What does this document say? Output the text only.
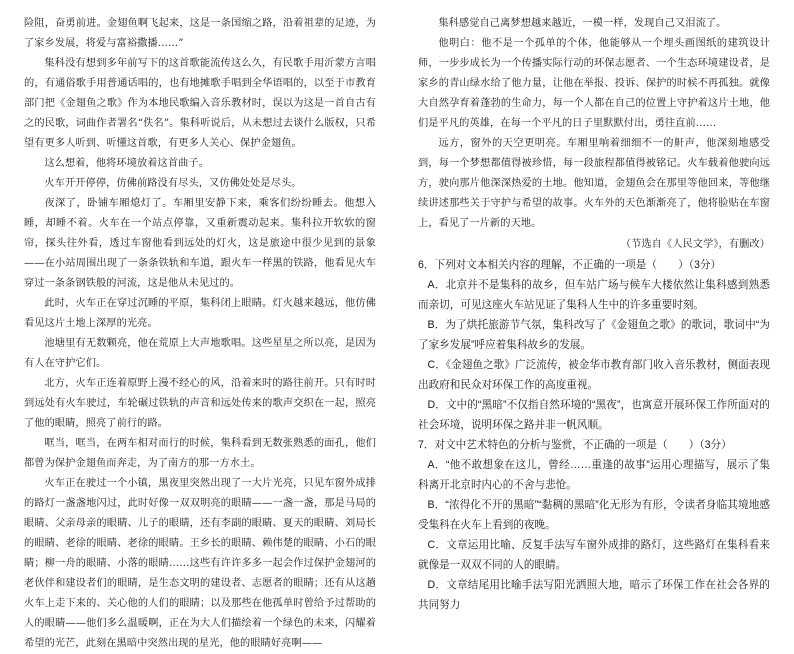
险阻，奋勇前进。金翅鱼啊飞起来，这是一条国缩之路，沿着祖辈的足迹，为了家乡发展，将爱与富裕撒播……”

集科没有想到多年前写下的这首歌能流传这么久，有民歌手用沂蒙方言唱的，有通俗歌手用普通话唱的，也有地摊歌手唱到全华语唱的，以至于市教育部门把《金翅鱼之歌》作为本地民歌编入音乐教材时，误以为这是一首自古有之的民歌，词曲作者署名“佚名”。集科听说后，从未想过去谈什么版权，只希望有更多人听到、听懂这首歌，有更多人关心、保护金翅鱼。

这么想着，他将环境放着这首曲子。

火车开开停停，仿佛前路没有尽头，又仿佛处处是尽头。

夜深了，卧铺车厢熄灯了。车厢里安静下来，乘客们纷纷睡去。他想入睡，却睡不着。火车在一个站点停靠，又重新震动起来。集科拉开软软的窗帘，探头往外看，透过车窗他看到远处的灯火，这是旅途中很少见到的景象——在小站周围出现了一条条铁轨和车道，跟火车一样黑的铁路，他看见火车穿过一条条钢铁般的河流，这是他从未见过的。

此时，火车正在穿过沉睡的平原，集科闭上眼睛。灯火越来越远，他仿佛看见这片土地上深厚的光亮。

池塘里有无数颗亮，他在荒原上大声地歌唱。这些星星之所以亮，是因为有人在守护它们。

北方，火车正连着原野上漫不经心的风，沿着来时的路往前开。只有时时到远处有火车驶过，车轮碾过铁轨的声音和远处传来的歌声交织在一起，照亮了他的眼睛，照亮了前行的路。

哐当，哐当，在两车相对而行的时候，集科看到无数张熟悉的面孔，他们都曾为保护金翅鱼而奔走，为了南方的那一方水土。

火车正在驶过一个小镇，黑夜里突然出现了一大片光亮，只见车窗外成排的路灯一盏盏地闪过，此时好像一双双明亮的眼睛——一盏一盏，那是马局的眼睛、父亲母亲的眼睛、儿子的眼睛，还有李副的眼睛、夏天的眼睛、刘局长的眼睛、老徐的眼睛、老徐的眼睛。王乡长的眼睛、赖伟楚的眼睛、小石的眼睛；柳一舟的眼睛、小落的眼睛……这些有许许多多一起会作过保护金翅河的老伙伴和建设者们的眼睛，是生态文明的建设者、志愿者的眼睛；还有从这趟火车上走下来的、关心他的人们的眼睛；以及那些在他孤单时曾给予过帮助的人的眼睛——他们多么温暖啊，正在为大人们描绘着一个绿色的未来，闪耀着希望的光芒，此刻在黑暗中突然出现的星光，他的眼睛好亮啊——

集科感觉自己离梦想越来越近，一模一样，发现自己又泪流了。

他明白：他不是一个孤单的个体，他能够从一个埋头画图纸的建筑设计师，一步步成长为一个传播实际行动的环保志愿者、一个生态环境建设者，是家乡的青山绿水给了他力量，让他在举报、投诉、保护的时候不再孤独。就像大自然孕育着蓬勃的生命力，每一个人都在自己的位置上守护着这片土地，他们是平凡的英雄，在每一个平凡的日子里默默付出，勇往直前……

远方，窗外的天空更明亮。车厢里响着细细不一的鼾声，他深刻地感受到，每一个梦想都值得被珍惜，每一段旅程都值得被铭记。火车载着他驶向远方，驶向那片他深深热爱的土地。他知道，金翅鱼会在那里等他回来，等他继续讲述那些关于守护与希望的故事。火车外的天色渐渐亮了，他将脸贴在车窗上，看见了一片新的天地。

（节选自《人民文学》，有删改）

6．下列对文本相关内容的理解，不正确的一项是（　　）（3分）

A．北京并不是集科的故乡，但车站广场与候车大楼依然让集科感到熟悉而亲切，可见这座火车站见证了集科人生中的许多重要时刻。

B．为了烘托旅游节气氛，集科改写了《金翅鱼之歌》的歌词，歌词中“为了家乡发展”呼应着集科故乡的发展。

C．《金翅鱼之歌》广泛流传，被金华市教育部门收入音乐教材，侧面表现出政府和民众对环保工作的高度重视。

D．文中的“黑暗”不仅指自然环境的“黑夜”，也寓意开展环保工作所面对的社会环境，说明环保之路并非一帆风顺。

7．对文中艺术特色的分析与鉴赏，不正确的一项是（　　）（3分）

A．“他不敢想象在这儿，曾经……重逢的故事”运用心理描写，展示了集科离开北京时内心的不舍与悲怆。

B．“浓得化不开的黑暗”“黏稠的黑暗”化无形为有形，令读者身临其境地感受集科在火车上看到的夜晚。

C．文章运用比喻、反复手法写车窗外成排的路灯，这些路灯在集科看来就像是一双双不同的人的眼睛。

D．文章结尾用比喻手法写阳光洒照大地，暗示了环保工作在社会各界的共同努力
